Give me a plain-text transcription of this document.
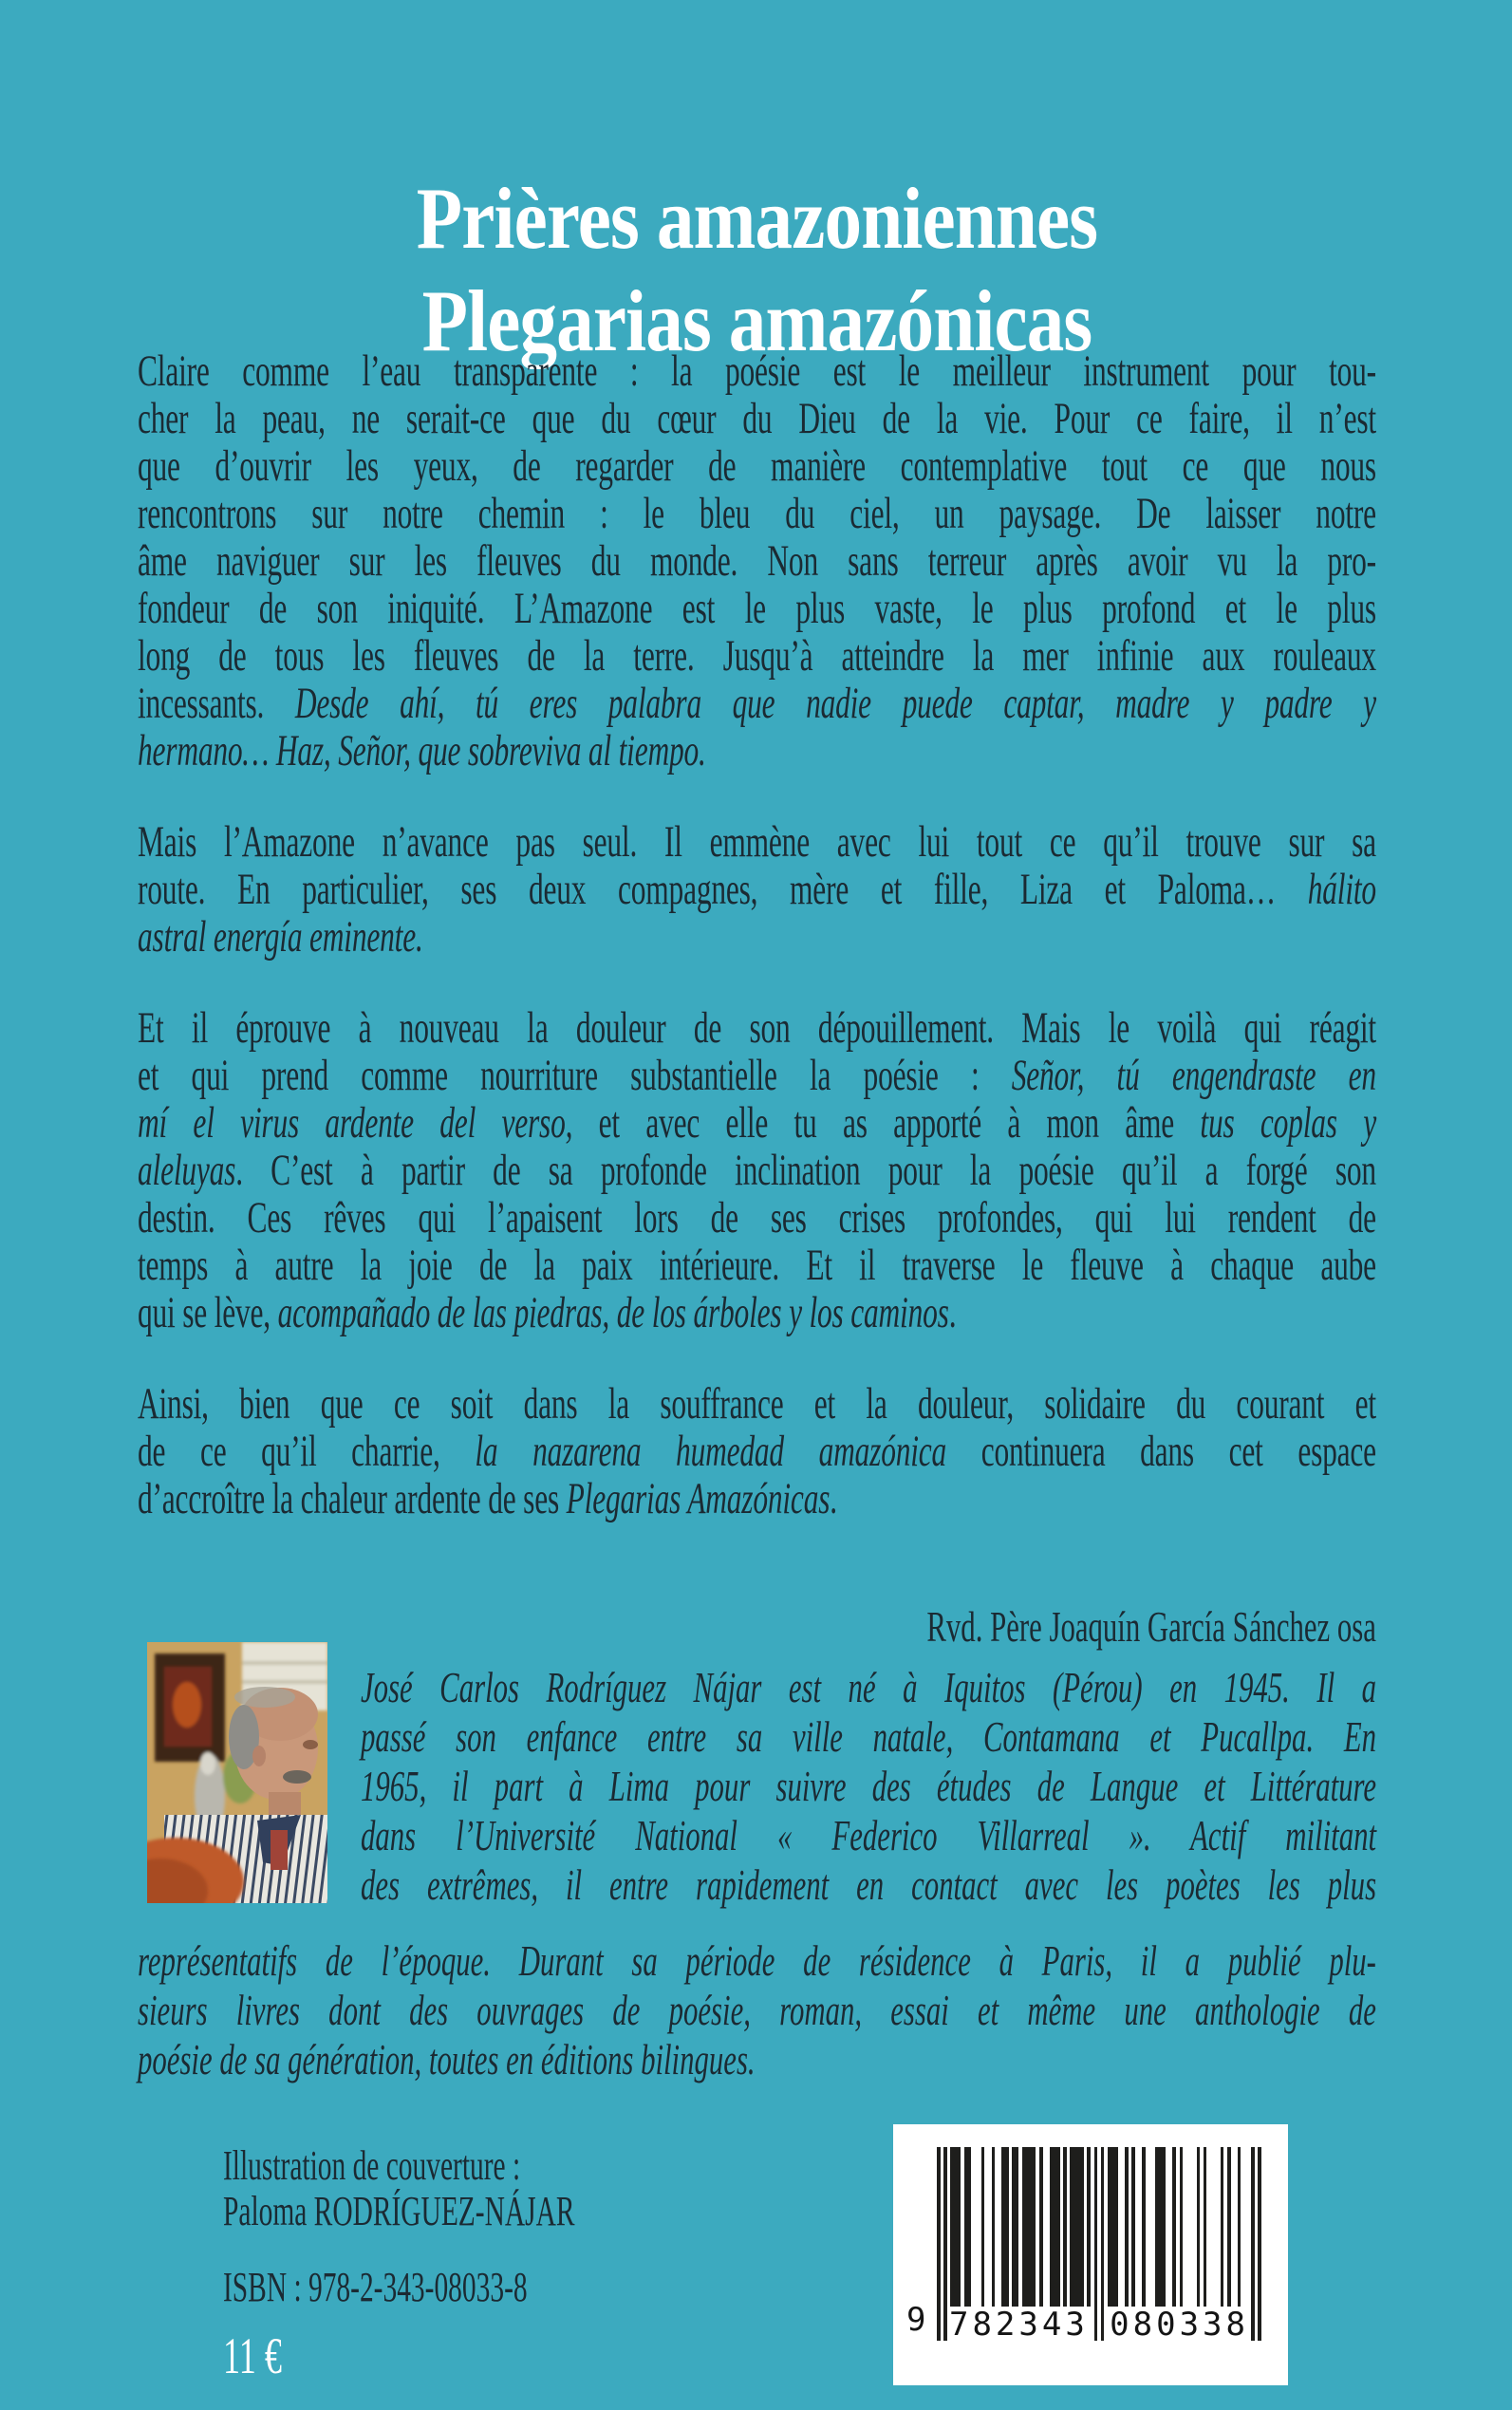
Prières amazoniennes
Plegarias amazónicas
Claire comme l’eau transparente : la poésie est le meilleur instrument pour tou-
cher la peau, ne serait-ce que du cœur du Dieu de la vie. Pour ce faire, il n’est
que d’ouvrir les yeux, de regarder de manière contemplative tout ce que nous
rencontrons sur notre chemin : le bleu du ciel, un paysage. De laisser notre
âme naviguer sur les fleuves du monde. Non sans terreur après avoir vu la pro-
fondeur de son iniquité. L’Amazone est le plus vaste, le plus profond et le plus
long de tous les fleuves de la terre. Jusqu’à atteindre la mer infinie aux rouleaux
incessants. Desde ahí, tú eres palabra que nadie puede captar, madre y padre y
hermano… Haz, Señor, que sobreviva al tiempo.
Mais l’Amazone n’avance pas seul. Il emmène avec lui tout ce qu’il trouve sur sa
route. En particulier, ses deux compagnes, mère et fille, Liza et Paloma… hálito
astral energía eminente.
Et il éprouve à nouveau la douleur de son dépouillement. Mais le voilà qui réagit
et qui prend comme nourriture substantielle la poésie : Señor, tú engendraste en
mí el virus ardente del verso, et avec elle tu as apporté à mon âme tus coplas y
aleluyas. C’est à partir de sa profonde inclination pour la poésie qu’il a forgé son
destin. Ces rêves qui l’apaisent lors de ses crises profondes, qui lui rendent de
temps à autre la joie de la paix intérieure. Et il traverse le fleuve à chaque aube
qui se lève, acompañado de las piedras, de los árboles y los caminos.
Ainsi, bien que ce soit dans la souffrance et la douleur, solidaire du courant et
de ce qu’il charrie, la nazarena humedad amazónica continuera dans cet espace
d’accroître la chaleur ardente de ses Plegarias Amazónicas.
Rvd. Père Joaquín García Sánchez osa
José Carlos Rodríguez Nájar est né à Iquitos (Pérou) en 1945. Il a
passé son enfance entre sa ville natale, Contamana et Pucallpa. En
1965, il part à Lima pour suivre des études de Langue et Littérature
dans l’Université National « Federico Villarreal ». Actif militant
des extrêmes, il entre rapidement en contact avec les poètes les plus
représentatifs de l’époque. Durant sa période de résidence à Paris, il a publié plu-
sieurs livres dont des ouvrages de poésie, roman, essai et même une anthologie de
poésie de sa génération, toutes en éditions bilingues.
Illustration de couverture :
Paloma RODRÍGUEZ-NÁJAR
ISBN : 978-2-343-08033-8
11 €
782343 080338
9
